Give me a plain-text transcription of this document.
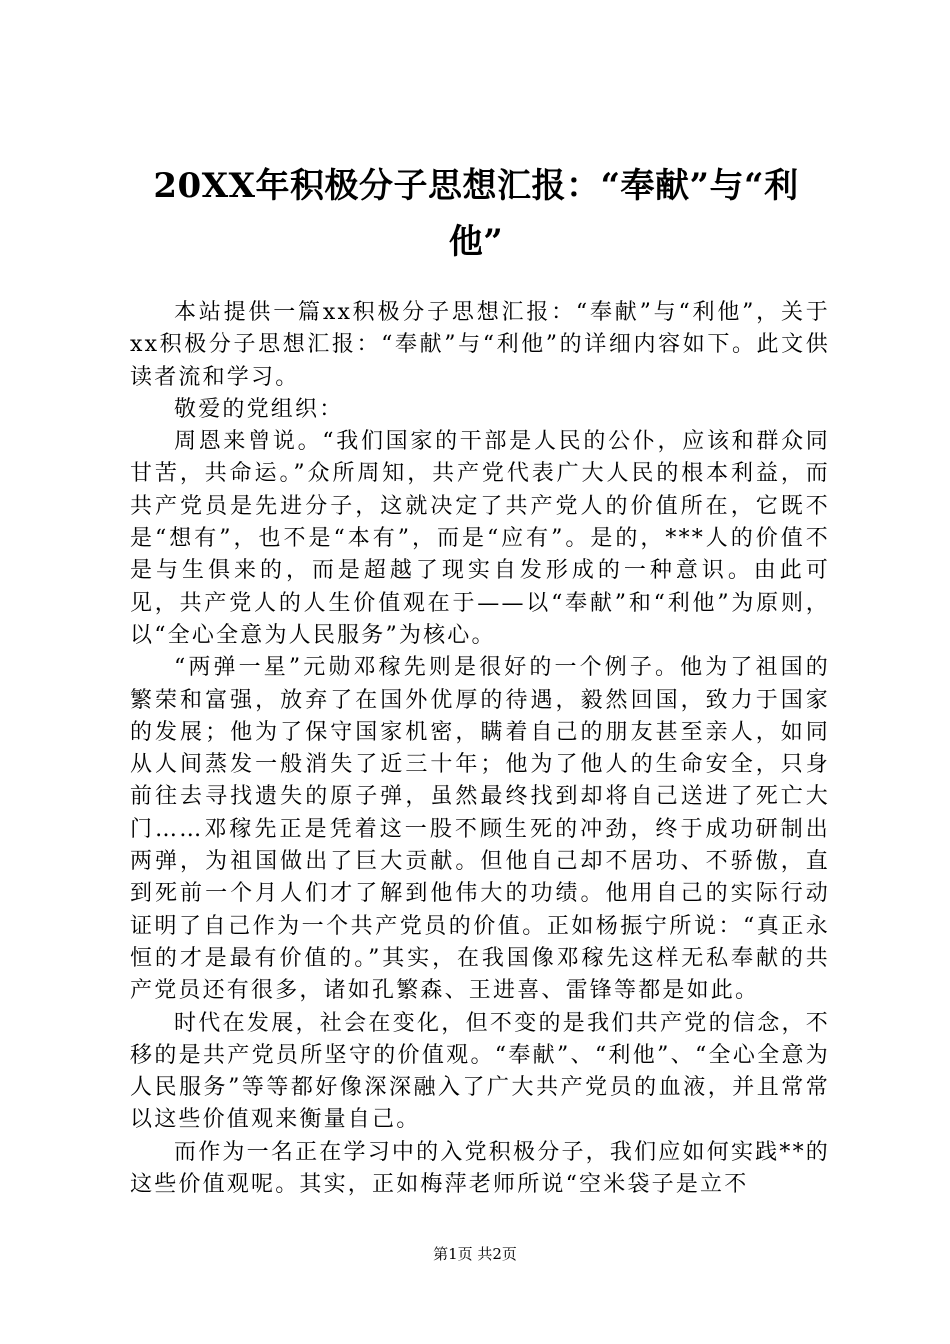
20XX年积极分子思想汇报：“奉献”与“利他”

本站提供一篇xx积极分子思想汇报：“奉献”与“利他”，关于xx积极分子思想汇报：“奉献”与“利他”的详细内容如下。此文供读者流和学习。

敬爱的党组织：

周恩来曾说。“我们国家的干部是人民的公仆，应该和群众同甘苦，共命运。”众所周知，共产党代表广大人民的根本利益，而共产党员是先进分子，这就决定了共产党人的价值所在，它既不是“想有”，也不是“本有”，而是“应有”。是的，***人的价值不是与生俱来的，而是超越了现实自发形成的一种意识。由此可见，共产党人的人生价值观在于——以“奉献”和“利他”为原则，以“全心全意为人民服务”为核心。

“两弹一星”元勋邓稼先则是很好的一个例子。他为了祖国的繁荣和富强，放弃了在国外优厚的待遇，毅然回国，致力于国家的发展；他为了保守国家机密，瞒着自己的朋友甚至亲人，如同从人间蒸发一般消失了近三十年；他为了他人的生命安全，只身前往去寻找遗失的原子弹，虽然最终找到却将自己送进了死亡大门……邓稼先正是凭着这一股不顾生死的冲劲，终于成功研制出两弹，为祖国做出了巨大贡献。但他自己却不居功、不骄傲，直到死前一个月人们才了解到他伟大的功绩。他用自己的实际行动证明了自己作为一个共产党员的价值。正如杨振宁所说：“真正永恒的才是最有价值的。”其实，在我国像邓稼先这样无私奉献的共产党员还有很多，诸如孔繁森、王进喜、雷锋等都是如此。

时代在发展，社会在变化，但不变的是我们共产党的信念，不移的是共产党员所坚守的价值观。“奉献”、“利他”、“全心全意为人民服务”等等都好像深深融入了广大共产党员的血液，并且常常以这些价值观来衡量自己。

而作为一名正在学习中的入党积极分子，我们应如何实践**的这些价值观呢。其实，正如梅萍老师所说“空米袋子是立不

第1页 共2页
